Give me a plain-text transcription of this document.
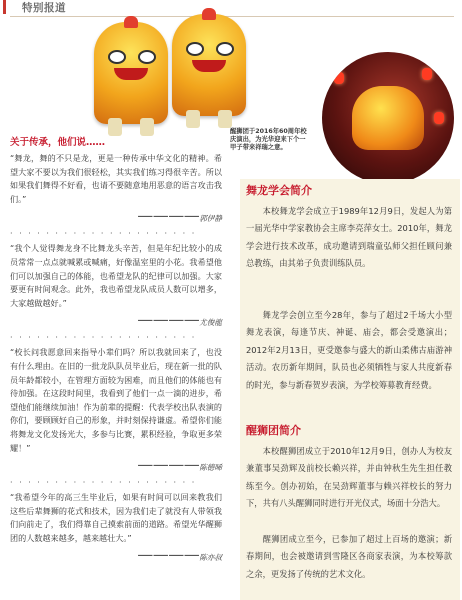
特别报道
醒狮团于2016年60周年校庆演出，为光华迎来下个一甲子带来祥瑞之意。
关于传承，他们说……

“舞龙，舞的不只是龙，更是一种传承中华文化的精神。希望大家不要以为我们很轻松，其实我们练习得很辛苦。所以如果我们舞得不好看，也请不要随意地用恶意的语言攻击我们。”

————郭伊静
· · · · · · · · · · · · · · · · · · · · ·

“我个人觉得舞龙身不比舞龙头辛苦，但是年纪比较小的成员常常一点点就喊累或喊痛，好像温室里的小花。我希望他们可以加强自己的体能，也希望龙队的纪律可以加强。大家要更有时间观念。此外，我也希望龙队成员人数可以增多，大家越做越好。”

————尤俊龍
· · · · · · · · · · · · · · · · · · · · ·

“校长问我愿意回来指导小辈们吗？所以我就回来了，也没有什么理由。在旧的一批龙队队员毕业后，现在新一批的队员年龄都较小，在管理方面较为困难，而且他们的体能也有待加强。在这段时间里，我看到了他们一点一滴的进步，希望他们能继续加油！作为前辈的提醒：代表学校出队表演的你们，要顾顾好自己的形象，并时刻保持谦虚。希望你们能将舞龙文化发扬光大，多参与比赛，累积经验，争取更多荣耀！”

————陈德晞
· · · · · · · · · · · · · · · · · · · · ·

“我希望今年的高三生毕业后，如果有时间可以回来教我们这些后辈舞狮的花式和技术，因为我们走了就没有人带领我们向前走了，我们得靠自己摸索前面的道路。希望光华醒狮团的人数越来越多，越来越壮大。”

————陈亦叔
舞龙学会简介

本校舞龙学会成立于1989年12月9日，发起人为第一届光华中学家教协会主席李亮萍女士。2010年，舞龙学会进行技术改革，成功邀请到瑞童弘师父担任顾问兼总教练，由其弟子负责训练队员。

舞龙学会创立至今28年，参与了超过2千场大小型舞龙表演，每逢节庆、神诞、庙会，都会受邀演出；2012年2月13日，更受邀参与盛大的新山柔佛古庙游神活动。农历新年期间，队员也必须牺牲与家人共度新春的时光，参与新春贺岁表演，为学校筹募教育经费。

醒狮团简介

本校醒狮团成立于2010年12月9日，创办人为校友兼董事吴劲辉及前校长赖兴祥，并由钟秋生先生担任教练至今。创办初始，在吴劲辉董事与赖兴祥校长的努力下，共有八头醒狮同时进行开光仪式，场面十分浩大。

醒狮团成立至今，已参加了超过上百场的邀演；新春期间，也会被邀请到雪隆区各商家表演，为本校筹款之余，更发扬了传统的艺术文化。
